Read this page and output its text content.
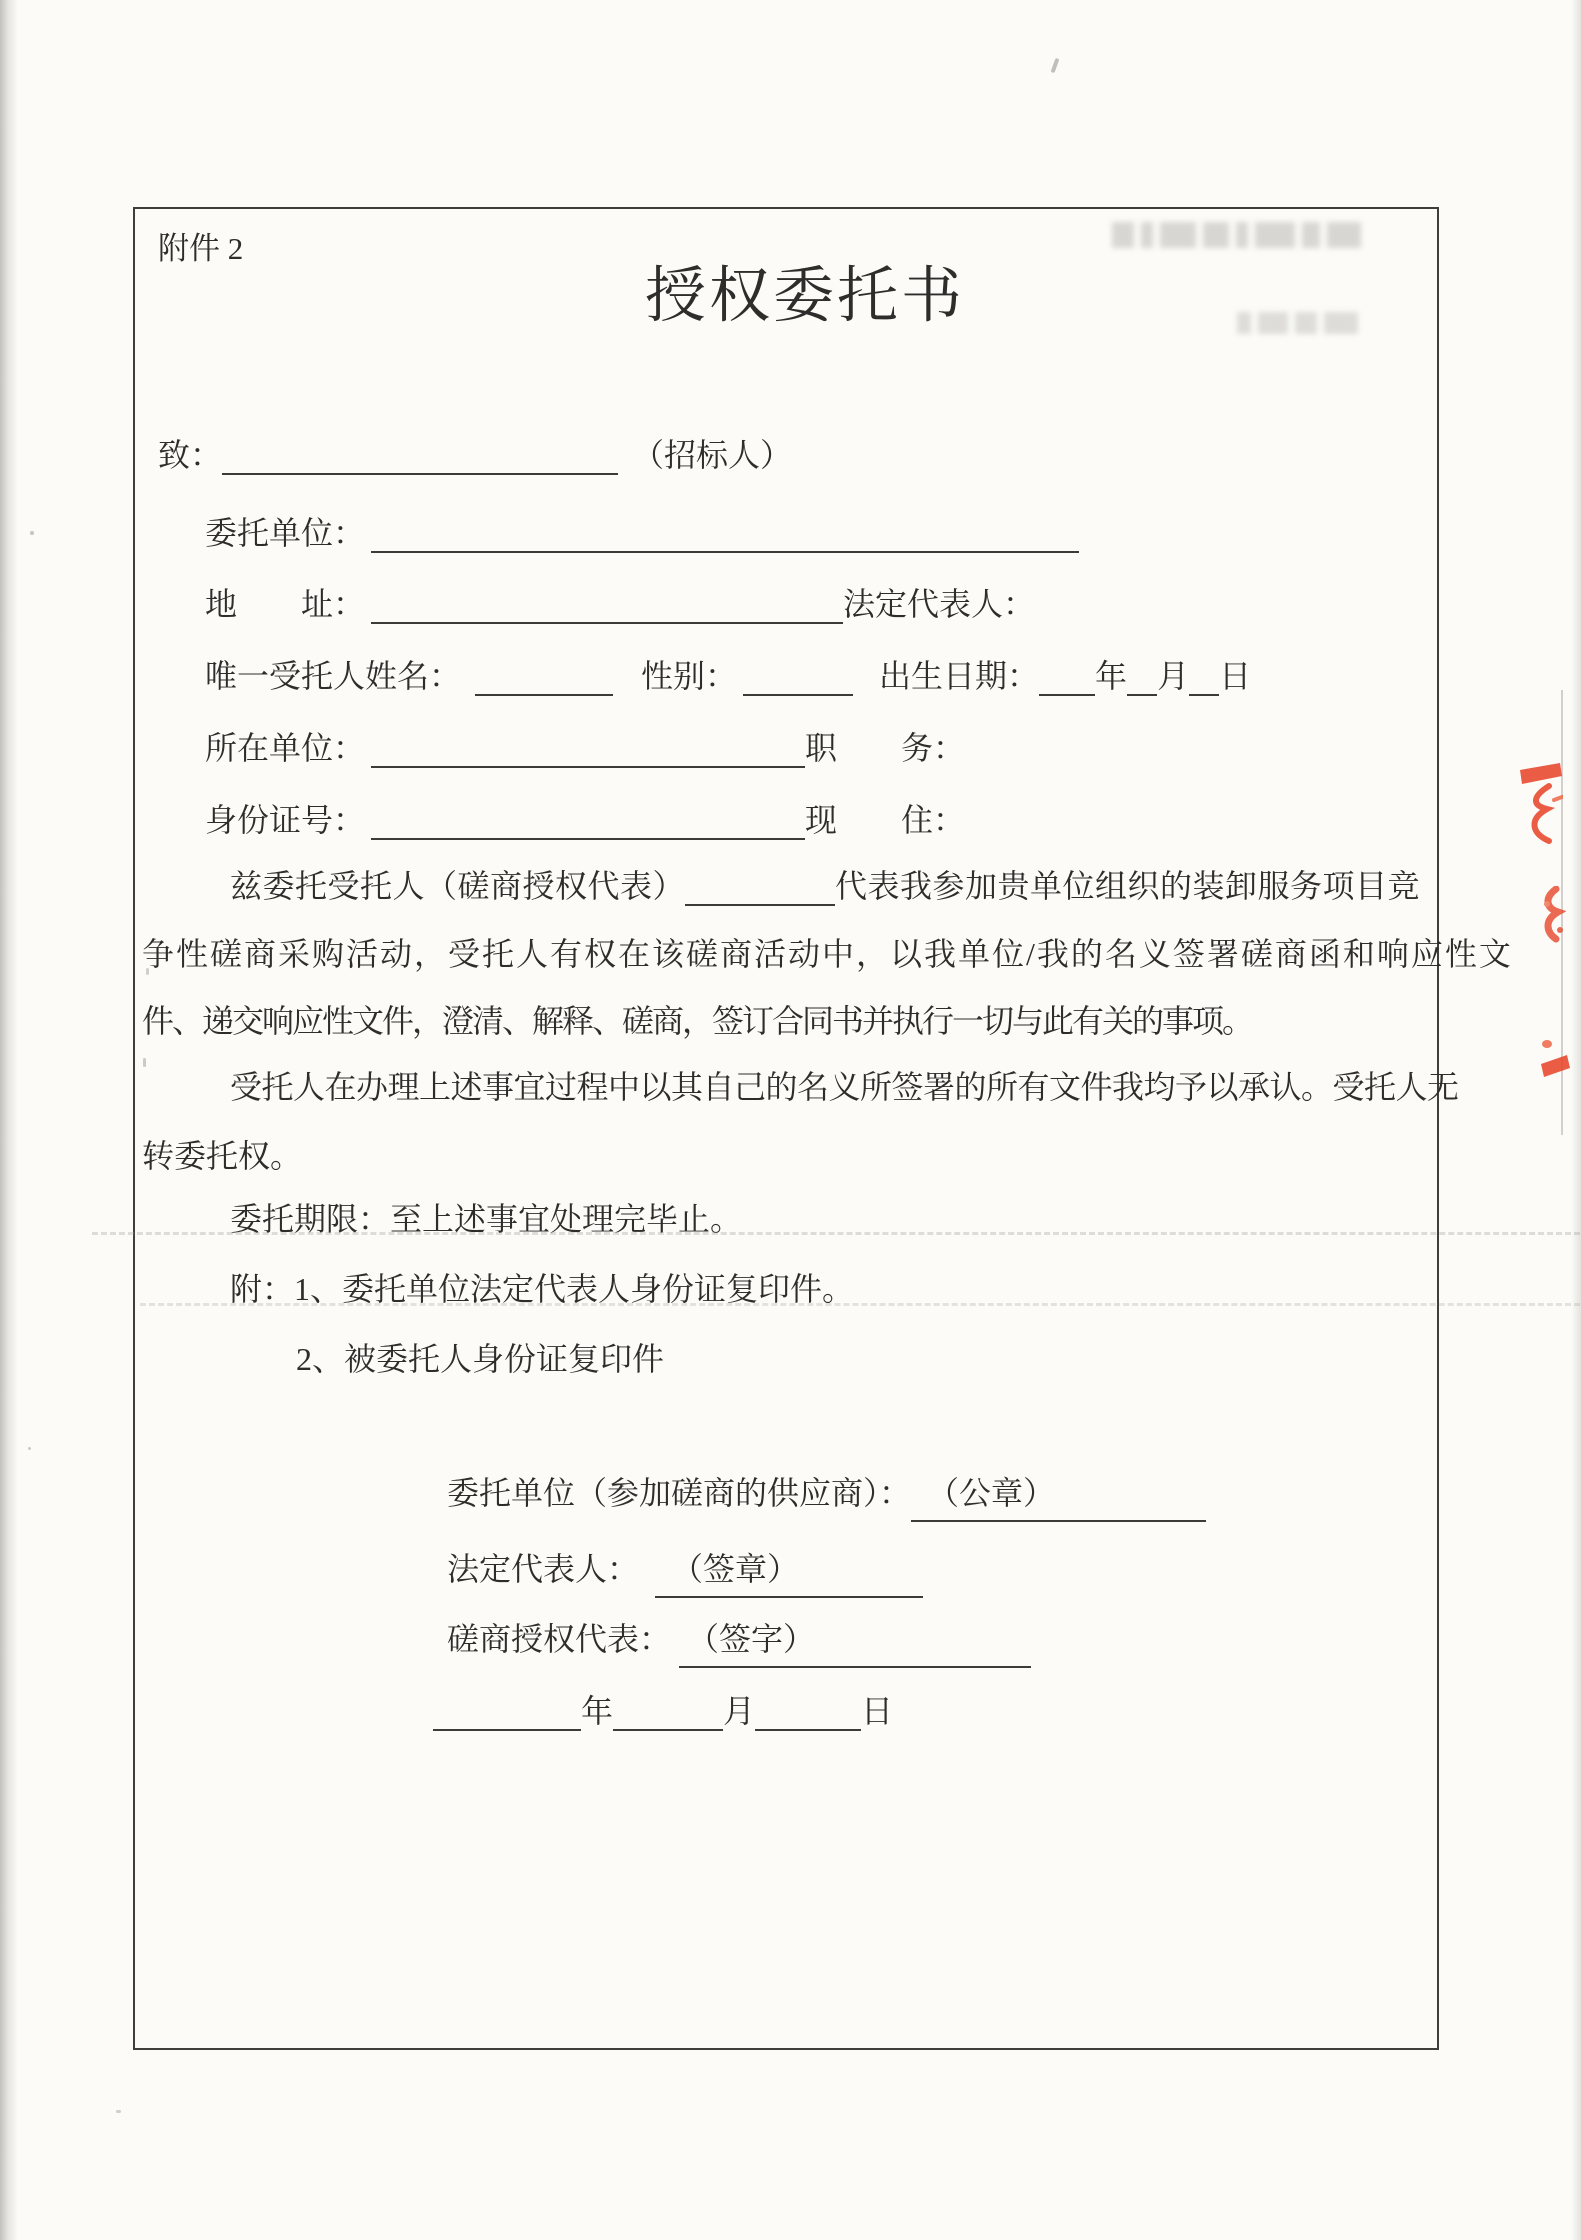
附件 2
授权委托书
致：	（招标人）
委托单位：
地　　址：	法定代表人：
唯一受托人姓名：	性别：	出生日期： 年 月 日
所在单位：	职　　务：
身份证号：	现　　住：
兹委托受托人（磋商授权代表）	代表我参加贵单位组织的装卸服务项目竞
争性磋商采购活动，受托人有权在该磋商活动中，以我单位/我的名义签署磋商函和响应性文
件、递交响应性文件，澄清、解释、磋商，签订合同书并执行一切与此有关的事项。
受托人在办理上述事宜过程中以其自己的名义所签署的所有文件我均予以承认。受托人无
转委托权。
委托期限：至上述事宜处理完毕止。
附：1、委托单位法定代表人身份证复印件。
2、被委托人身份证复印件
委托单位（参加磋商的供应商）： （公章）
法定代表人： （签章）
磋商授权代表： （签字）
年	月	日
